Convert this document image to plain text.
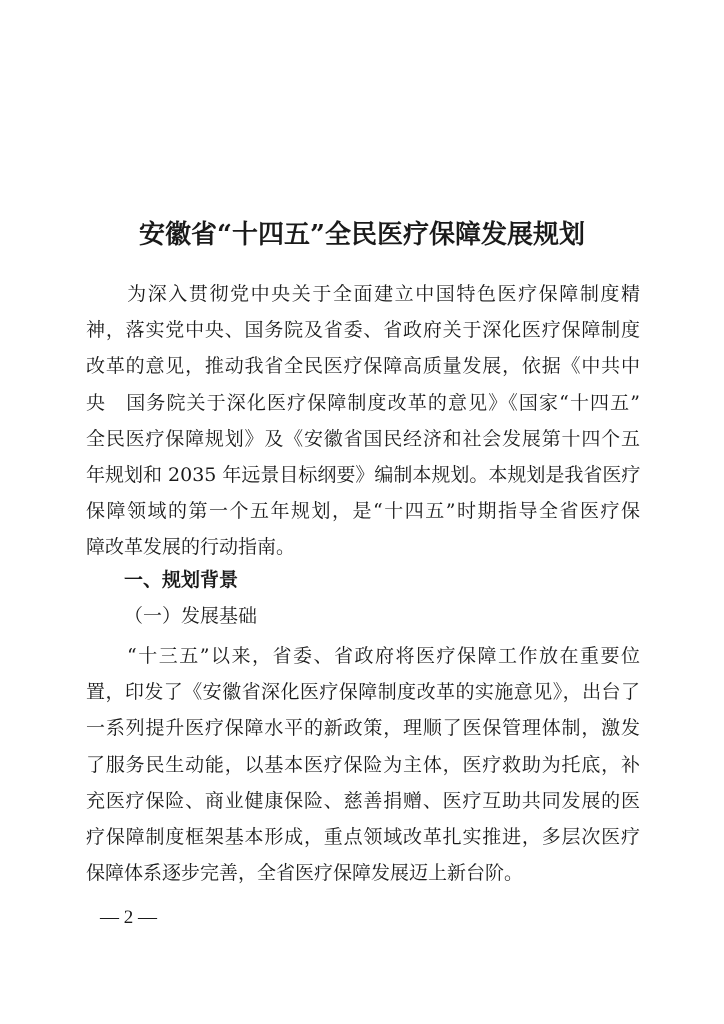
安徽省“十四五”全民医疗保障发展规划
　　为深入贯彻党中央关于全面建立中国特色医疗保障制度精
神，落实党中央、国务院及省委、省政府关于深化医疗保障制度
改革的意见，推动我省全民医疗保障高质量发展，依据《中共中
央　国务院关于深化医疗保障制度改革的意见》《国家“十四五”
全民医疗保障规划》及《安徽省国民经济和社会发展第十四个五
年规划和 2035 年远景目标纲要》编制本规划。本规划是我省医疗
保障领域的第一个五年规划，是“十四五”时期指导全省医疗保
障改革发展的行动指南。
一、规划背景
（一）发展基础
　　“十三五”以来，省委、省政府将医疗保障工作放在重要位
置，印发了《安徽省深化医疗保障制度改革的实施意见》，出台了
一系列提升医疗保障水平的新政策，理顺了医保管理体制，激发
了服务民生动能，以基本医疗保险为主体，医疗救助为托底，补
充医疗保险、商业健康保险、慈善捐赠、医疗互助共同发展的医
疗保障制度框架基本形成，重点领域改革扎实推进，多层次医疗
保障体系逐步完善，全省医疗保障发展迈上新台阶。
— 2 —
